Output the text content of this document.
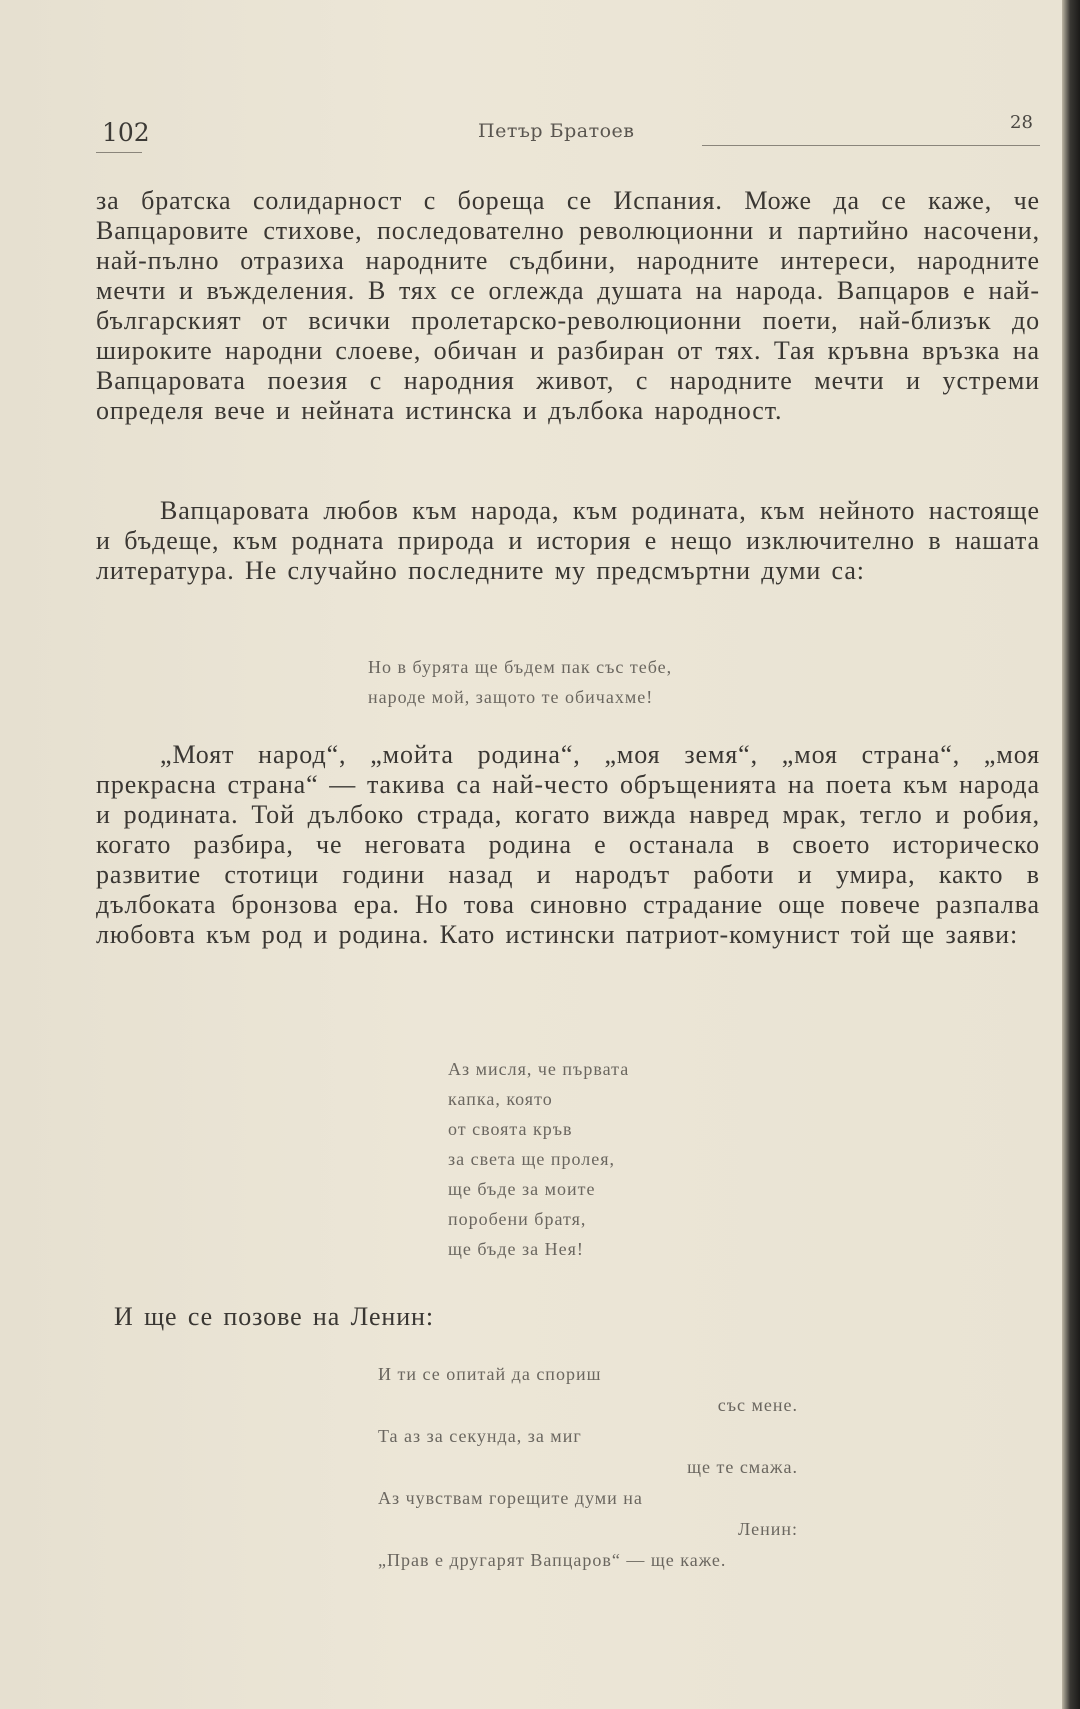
102	Петър Братоев	28

за братска солидарност с бореща се Испания. Може да се каже, че Вапцаровите стихове, последователно революционни и партийно насочени, най-пълно отразиха народните съдбини, народните интереси, народните мечти и въжделения. В тях се оглежда душата на народа. Вапцаров е най-българският от всички пролетарско-революционни поети, най-близък до широките народни слоеве, обичан и разбиран от тях. Тая кръвна връзка на Вапцаровата поезия с народния живот, с народните мечти и устреми определя вече и нейната истинска и дълбока народност.

Вапцаровата любов към народа, към родината, към нейното настояще и бъдеще, към родната природа и история е нещо изключително в нашата литература. Не случайно последните му предсмъртни думи са:

Но в бурята ще бъдем пак със тебе,
народе мой, защото те обичахме!

„Моят народ“, „мойта родина“, „моя земя“, „моя страна“, „моя прекрасна страна“ — такива са най-често обръщенията на поета към народа и родината. Той дълбоко страда, когато вижда навред мрак, тегло и робия, когато разбира, че неговата родина е останала в своето историческо развитие стотици години назад и народът работи и умира, както в дълбоката бронзова ера. Но това синовно страдание още повече разпалва любовта към род и родина. Като истински патриот-комунист той ще заяви:

Аз мисля, че първата
капка, която
от своята кръв
за света ще пролея,
ще бъде за моите
поробени братя,
ще бъде за Нея!

И ще се позове на Ленин:

И ти се опитай да спориш
със мене.
Та аз за секунда, за миг
ще те смажа.
Аз чувствам горещите думи на
Ленин:
„Прав е другарят Вапцаров“ — ще каже.
